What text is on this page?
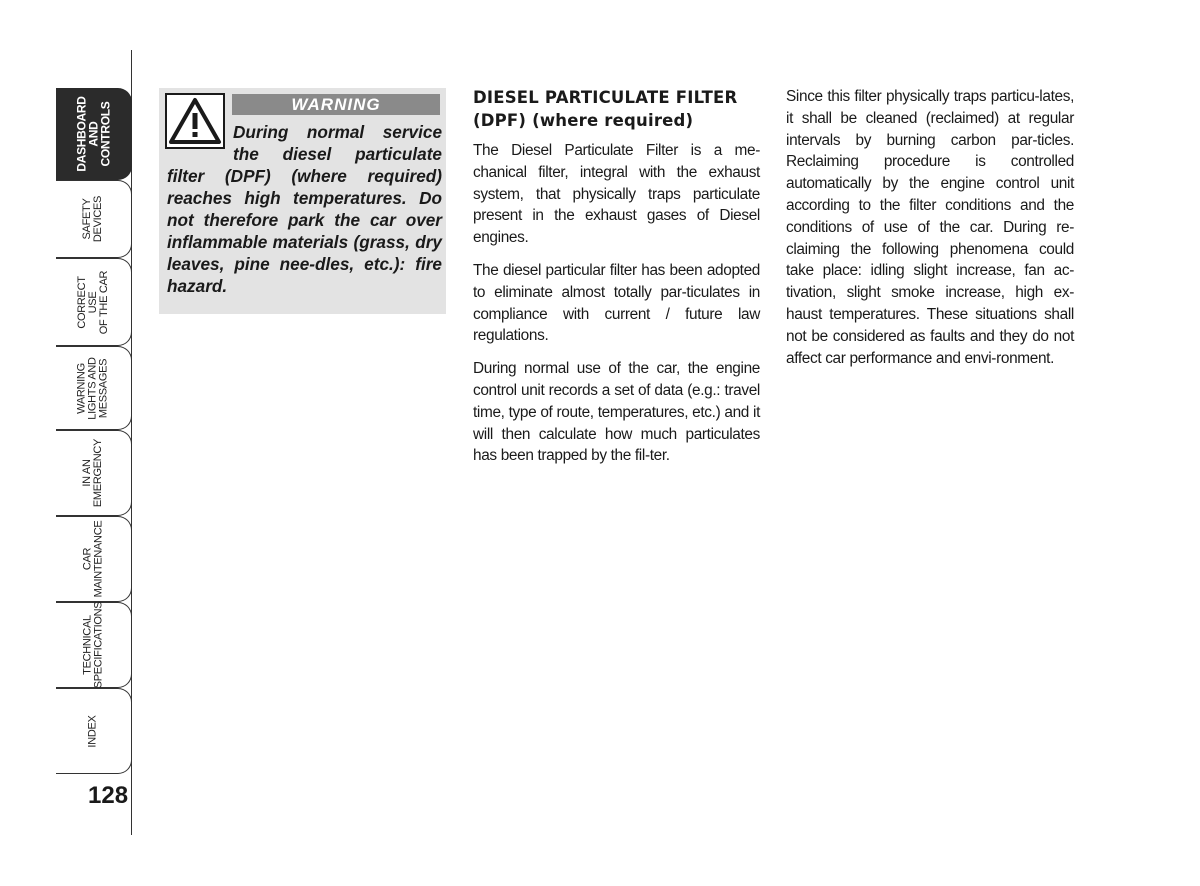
DASHBOARD
AND
CONTROLS
SAFETY
DEVICES
CORRECT USE
OF THE CAR
WARNING
LIGHTS AND
MESSAGES
IN AN
EMERGENCY
CAR
MAINTENANCE
TECHNICAL
SPECIFICATIONS
INDEX
128
WARNING
During normal service the diesel particulate filter (DPF) (where required) reaches high temperatures. Do not therefore park the car over inflammable materials (grass, dry leaves, pine nee-dles, etc.): fire hazard.
DIESEL PARTICULATE FILTER (DPF) (where required)

The Diesel Particulate Filter is a me-chanical filter, integral with the exhaust system, that physically traps particulate present in the exhaust gases of Diesel engines.

The diesel particular filter has been adopted to eliminate almost totally par-ticulates in compliance with current / future law regulations.

During normal use of the car, the engine control unit records a set of data (e.g.: travel time, type of route, temperatures, etc.) and it will then calculate how much particulates has been trapped by the fil-ter.

Since this filter physically traps particu-lates, it shall be cleaned (reclaimed) at regular intervals by burning carbon par-ticles. Reclaiming procedure is controlled automatically by the engine control unit according to the filter conditions and the conditions of use of the car. During re-claiming the following phenomena could take place: idling slight increase, fan ac-tivation, slight smoke increase, high ex-haust temperatures. These situations shall not be considered as faults and they do not affect car performance and envi-ronment.
